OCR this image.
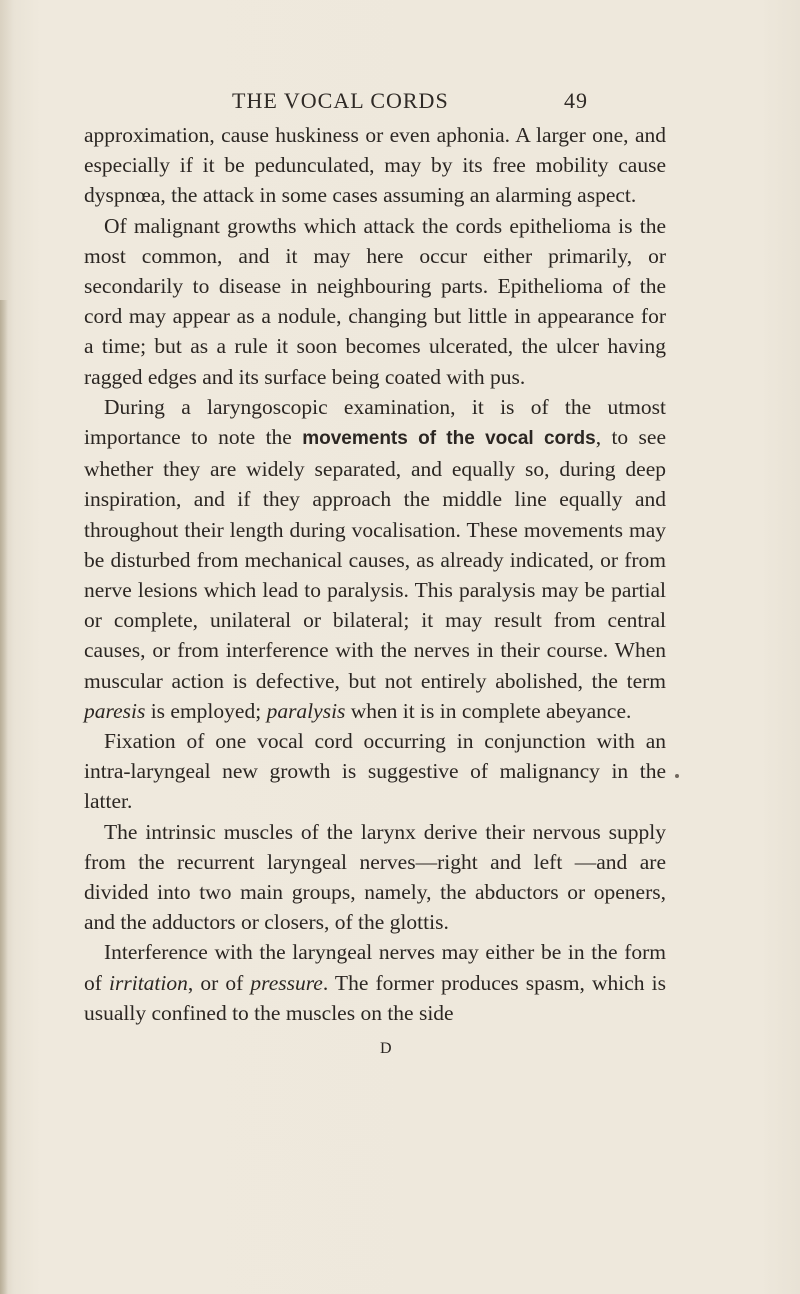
THE VOCAL CORDS	49

approximation, cause huskiness or even aphonia. A larger one, and especially if it be pedunculated, may by its free mobility cause dyspnœa, the attack in some cases assuming an alarming aspect.

Of malignant growths which attack the cords epithelioma is the most common, and it may here occur either primarily, or secondarily to disease in neighbouring parts. Epithelioma of the cord may appear as a nodule, changing but little in appearance for a time; but as a rule it soon becomes ulcerated, the ulcer having ragged edges and its surface being coated with pus.

During a laryngoscopic examination, it is of the utmost importance to note the movements of the vocal cords, to see whether they are widely separated, and equally so, during deep inspiration, and if they approach the middle line equally and throughout their length during vocalisation. These movements may be disturbed from mechanical causes, as already indicated, or from nerve lesions which lead to paralysis. This paralysis may be partial or complete, unilateral or bilateral; it may result from central causes, or from interference with the nerves in their course. When muscular action is defective, but not entirely abolished, the term paresis is employed; paralysis when it is in complete abeyance.

Fixation of one vocal cord occurring in conjunction with an intra-laryngeal new growth is suggestive of malignancy in the latter.

The intrinsic muscles of the larynx derive their nervous supply from the recurrent laryngeal nerves—right and left —and are divided into two main groups, namely, the abductors or openers, and the adductors or closers, of the glottis.

Interference with the laryngeal nerves may either be in the form of irritation, or of pressure. The former produces spasm, which is usually confined to the muscles on the side

D
